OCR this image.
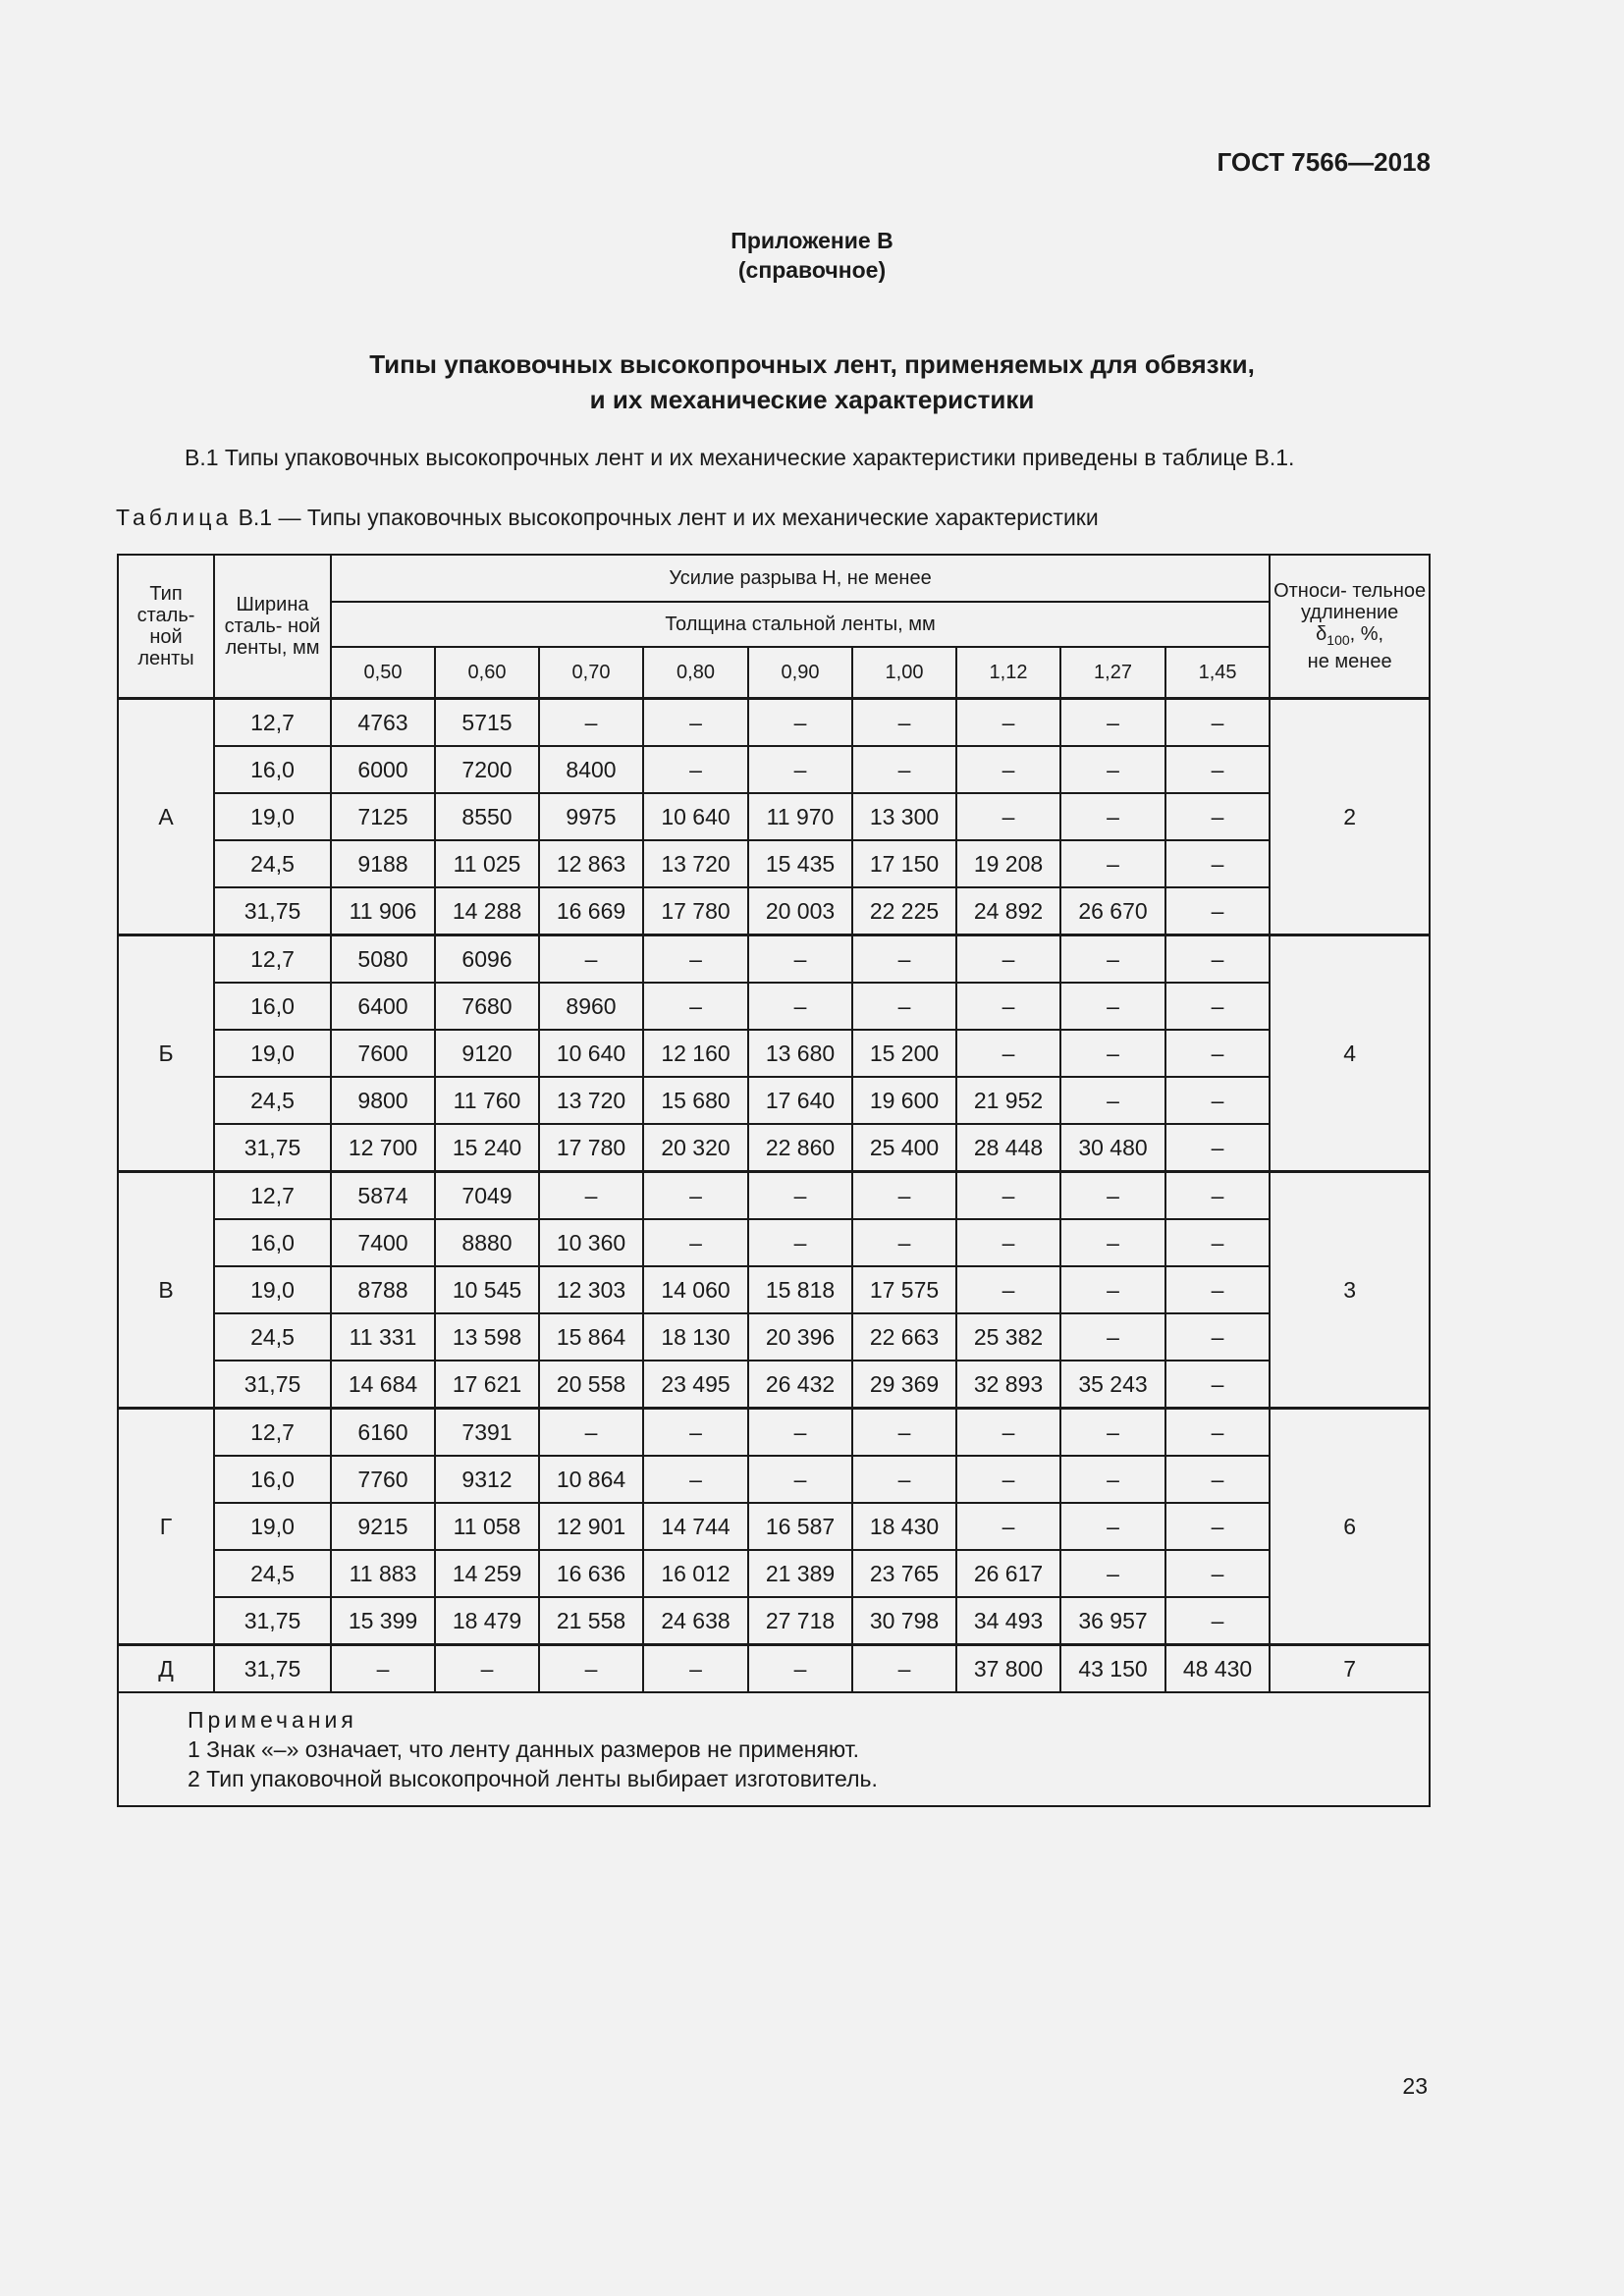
ГОСТ 7566—2018
Приложение В
(справочное)
Типы упаковочных высокопрочных лент, применяемых для обвязки,
и их механические характеристики
В.1 Типы упаковочных высокопрочных лент и их механические характеристики приведены в таблице В.1.
Таблица В.1 — Типы упаковочных высокопрочных лент и их механические характеристики
Тип сталь- ной ленты	Ширина сталь- ной ленты, мм	Усилие разрыва Н, не менее									Относи- тельное удлинение
$\delta_{100}$, %,
не менее
		Толщина стальной ленты, мм									
		0,50	0,60	0,70	0,80	0,90	1,00	1,12	1,27	1,45	
А	12,7	4763	5715	–	–	–	–	–	–	–	2
	16,0	6000	7200	8400	–	–	–	–	–	–	
	19,0	7125	8550	9975	10 640	11 970	13 300	–	–	–	
	24,5	9188	11 025	12 863	13 720	15 435	17 150	19 208	–	–	
	31,75	11 906	14 288	16 669	17 780	20 003	22 225	24 892	26 670	–	
Б	12,7	5080	6096	–	–	–	–	–	–	–	4
	16,0	6400	7680	8960	–	–	–	–	–	–	
	19,0	7600	9120	10 640	12 160	13 680	15 200	–	–	–	
	24,5	9800	11 760	13 720	15 680	17 640	19 600	21 952	–	–	
	31,75	12 700	15 240	17 780	20 320	22 860	25 400	28 448	30 480	–	
В	12,7	5874	7049	–	–	–	–	–	–	–	3
	16,0	7400	8880	10 360	–	–	–	–	–	–	
	19,0	8788	10 545	12 303	14 060	15 818	17 575	–	–	–	
	24,5	11 331	13 598	15 864	18 130	20 396	22 663	25 382	–	–	
	31,75	14 684	17 621	20 558	23 495	26 432	29 369	32 893	35 243	–	
Г	12,7	6160	7391	–	–	–	–	–	–	–	6
	16,0	7760	9312	10 864	–	–	–	–	–	–	
	19,0	9215	11 058	12 901	14 744	16 587	18 430	–	–	–	
	24,5	11 883	14 259	16 636	16 012	21 389	23 765	26 617	–	–	
	31,75	15 399	18 479	21 558	24 638	27 718	30 798	34 493	36 957	–	
Д	31,75	–	–	–	–	–	–	37 800	43 150	48 430	7

Примечания
1 Знак «–» означает, что ленту данных размеров не применяют.
2 Тип упаковочной высокопрочной ленты выбирает изготовитель.											
23
